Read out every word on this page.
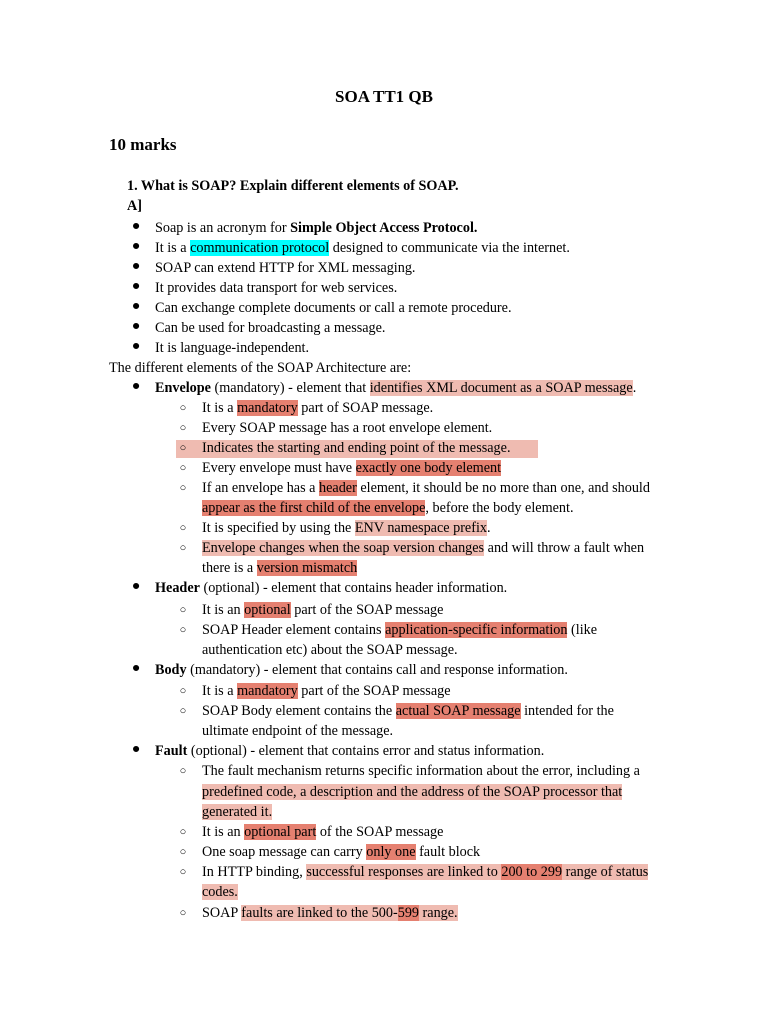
SOA TT1 QB
10 marks
1. What is SOAP? Explain different elements of SOAP.
A]
● Soap is an acronym for Simple Object Access Protocol.
● It is a communication protocol designed to communicate via the internet.
● SOAP can extend HTTP for XML messaging.
● It provides data transport for web services.
● Can exchange complete documents or call a remote procedure.
● Can be used for broadcasting a message.
● It is language-independent.
The different elements of the SOAP Architecture are:
● Envelope (mandatory) - element that identifies XML document as a SOAP message.
○ It is a mandatory part of SOAP message.
○ Every SOAP message has a root envelope element.
○ Indicates the starting and ending point of the message.
○ Every envelope must have exactly one body element
○ If an envelope has a header element, it should be no more than one, and should
appear as the first child of the envelope, before the body element.
○ It is specified by using the ENV namespace prefix.
○ Envelope changes when the soap version changes and will throw a fault when
there is a version mismatch
● Header (optional) - element that contains header information.
○ It is an optional part of the SOAP message
○ SOAP Header element contains application-specific information (like
authentication etc) about the SOAP message.
● Body (mandatory) - element that contains call and response information.
○ It is a mandatory part of the SOAP message
○ SOAP Body element contains the actual SOAP message intended for the
ultimate endpoint of the message.
● Fault (optional) - element that contains error and status information.
○ The fault mechanism returns specific information about the error, including a
predefined code, a description and the address of the SOAP processor that
generated it.
○ It is an optional part of the SOAP message
○ One soap message can carry only one fault block
○ In HTTP binding, successful responses are linked to 200 to 299 range of status
codes.
○ SOAP faults are linked to the 500-599 range.
